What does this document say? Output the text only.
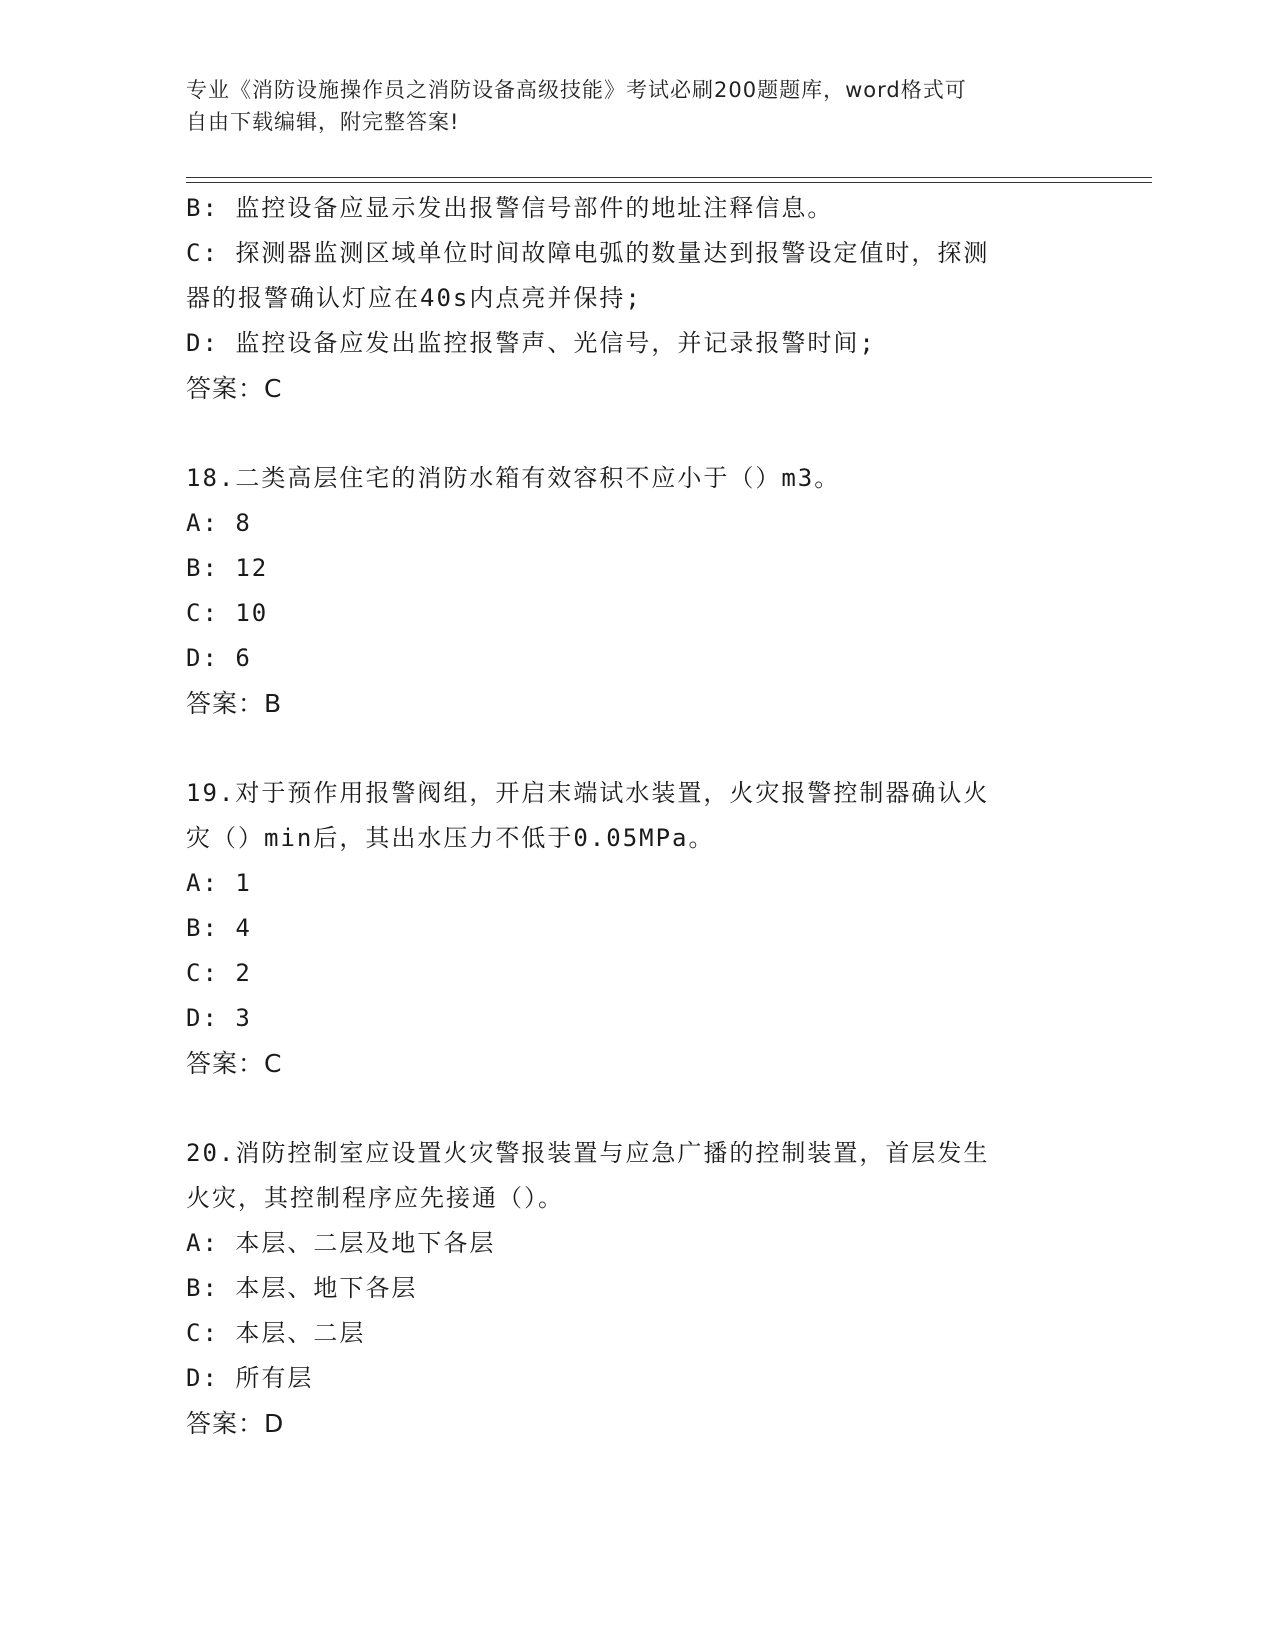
专业《消防设施操作员之消防设备高级技能》考试必刷200题题库，word格式可
自由下载编辑，附完整答案!
B: 监控设备应显示发出报警信号部件的地址注释信息。
C: 探测器监测区域单位时间故障电弧的数量达到报警设定值时，探测
器的报警确认灯应在40s内点亮并保持;
D: 监控设备应发出监控报警声、光信号，并记录报警时间;
答案：C
18.二类高层住宅的消防水箱有效容积不应小于（）m3。
A: 8
B: 12
C: 10
D: 6
答案：B
19.对于预作用报警阀组，开启末端试水装置，火灾报警控制器确认火
灾（）min后，其出水压力不低于0.05MPa。
A: 1
B: 4
C: 2
D: 3
答案：C
20.消防控制室应设置火灾警报装置与应急广播的控制装置，首层发生
火灾，其控制程序应先接通（）。
A: 本层、二层及地下各层
B: 本层、地下各层
C: 本层、二层
D: 所有层
答案：D
